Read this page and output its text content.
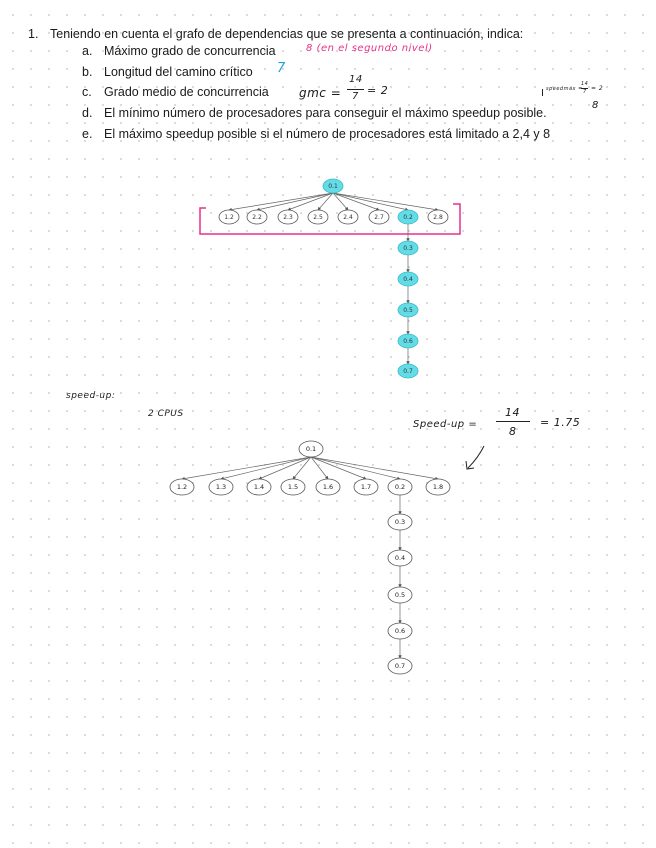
1. Teniendo en cuenta el grafo de dependencias que se presenta a continuación, indica:
a. Máximo grado de concurrencia	8 (en el segundo nivel)
b. Longitud del camino crítico 7
c. Grado medio de concurrencia	gmc =
14
7 = 2	speedmax =
14
7 = 2
d. El mínimo número de procesadores para conseguir el máximo speedup posible.
8
e. El máximo speedup posible si el número de procesadores está limitado a 2,4 y 8
speed-up:
2 CPUS
Speed-up =
14
8
= 1.75
0.1
1.2	2.2	2.3	2.5	2.4	2.7	0.2	2.8
0.3
0.4
0.5
0.6
0.7
0.1
1.2	1.3	1.4	1.5	1.6	1.7	0.2	1.8
0.3
0.4
0.5
0.6
0.7
